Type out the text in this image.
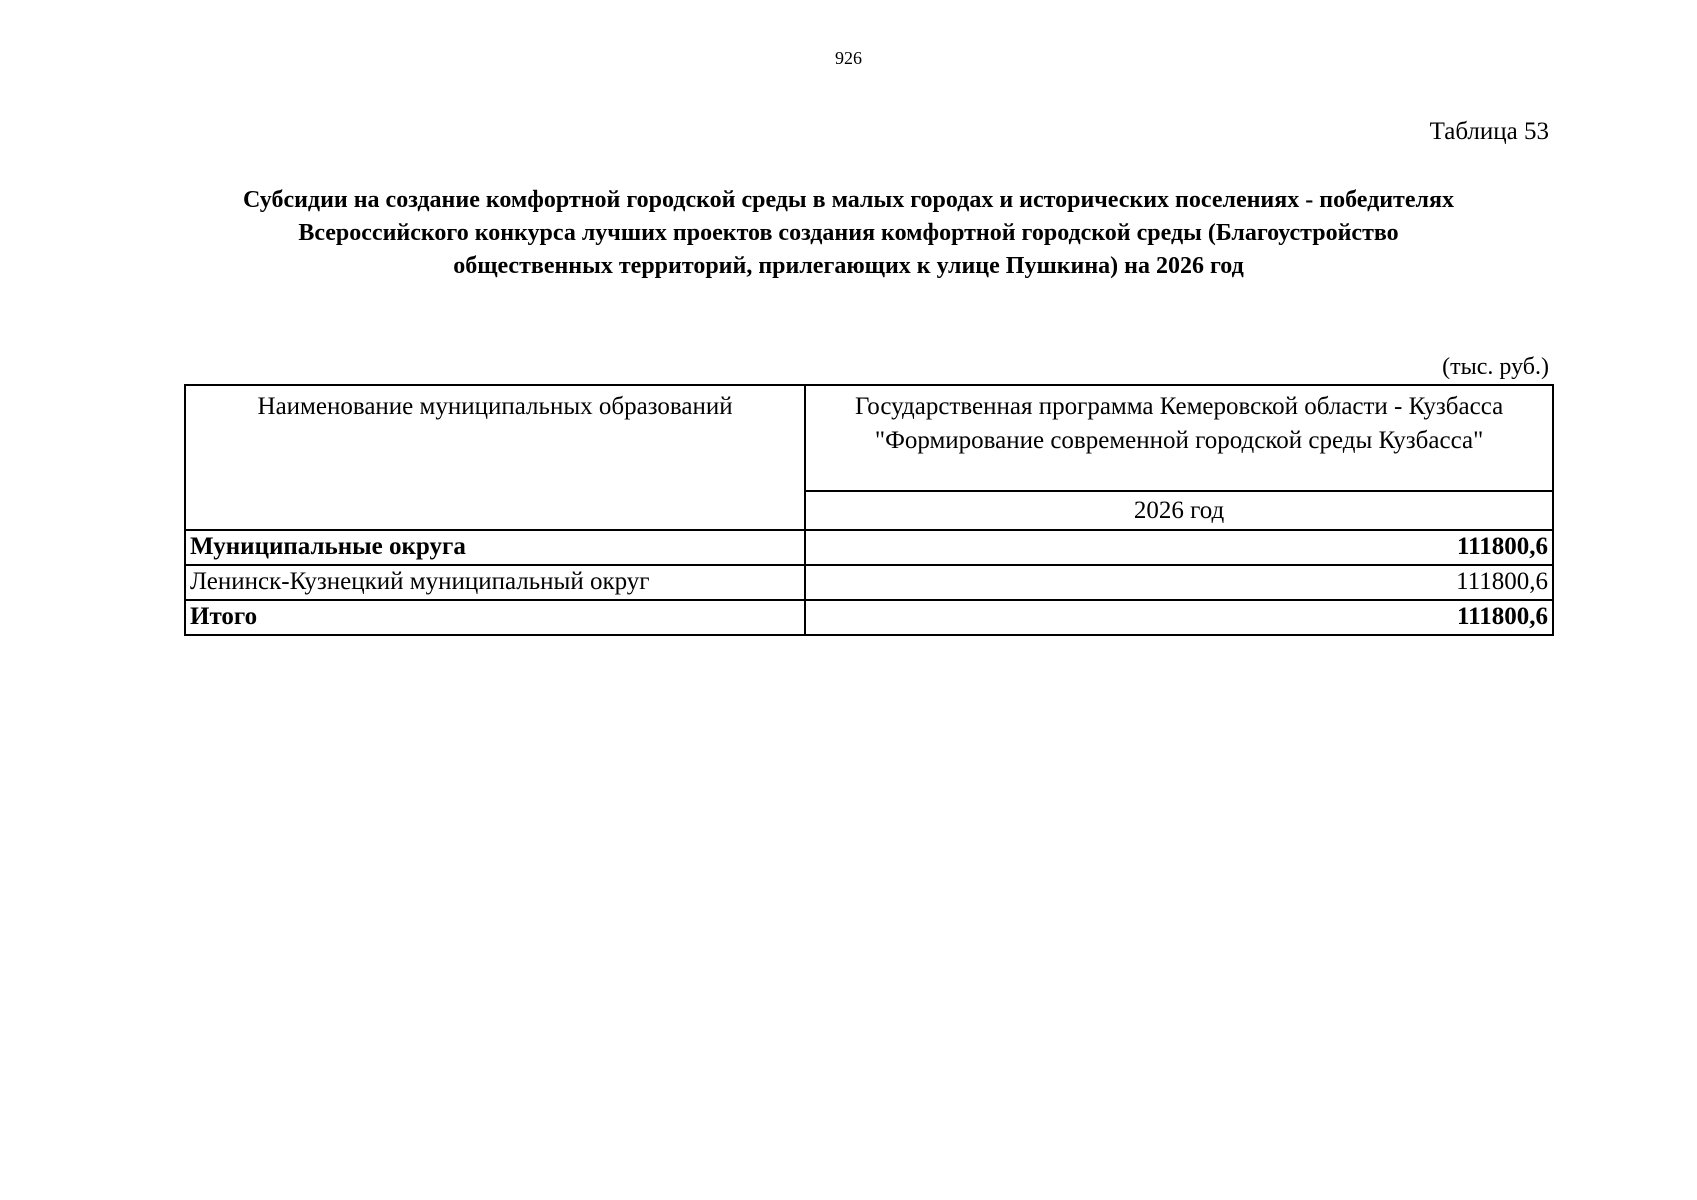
926
Таблица 53
Субсидии на создание комфортной городской среды в малых городах и исторических поселениях - победителях
Всероссийского конкурса лучших проектов создания комфортной городской среды (Благоустройство
общественных территорий, прилегающих к улице Пушкина) на 2026 год
(тыс. руб.)
Наименование муниципальных образований	Государственная программа Кемеровской области - Кузбасса
"Формирование современной городской среды Кузбасса"

	2026 год
Муниципальные округа	111800,6
Ленинск-Кузнецкий муниципальный округ	111800,6
Итого	111800,6
